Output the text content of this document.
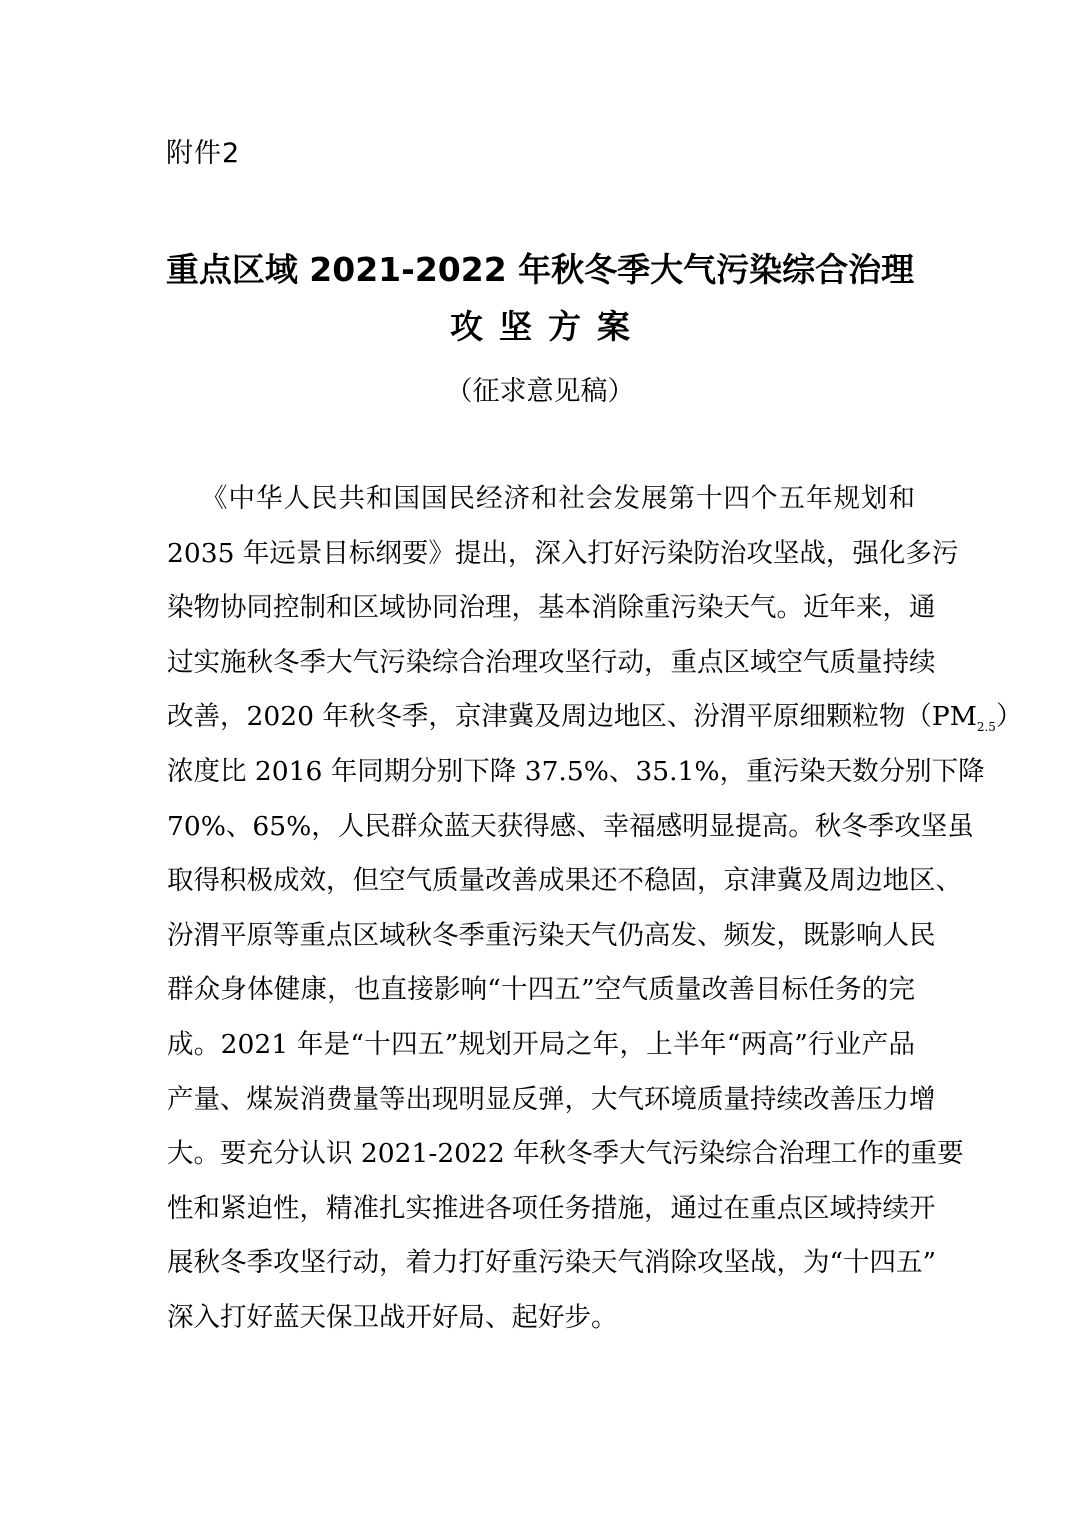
附件2
重点区域 2021-2022 年秋冬季大气污染综合治理
攻坚方案
（征求意见稿）
《中华人民共和国国民经济和社会发展第十四个五年规划和
2035 年远景目标纲要》提出，深入打好污染防治攻坚战，强化多污
染物协同控制和区域协同治理，基本消除重污染天气。近年来，通
过实施秋冬季大气污染综合治理攻坚行动，重点区域空气质量持续
改善，2020 年秋冬季，京津冀及周边地区、汾渭平原细颗粒物$(PM_{2.5})$
浓度比 2016 年同期分别下降 37.5%、35.1%，重污染天数分别下降
70%、65%，人民群众蓝天获得感、幸福感明显提高。秋冬季攻坚虽
取得积极成效，但空气质量改善成果还不稳固，京津冀及周边地区、
汾渭平原等重点区域秋冬季重污染天气仍高发、频发，既影响人民
群众身体健康，也直接影响“十四五”空气质量改善目标任务的完
成。2021 年是“十四五”规划开局之年，上半年“两高”行业产品
产量、煤炭消费量等出现明显反弹，大气环境质量持续改善压力增
大。要充分认识 2021-2022 年秋冬季大气污染综合治理工作的重要
性和紧迫性，精准扎实推进各项任务措施，通过在重点区域持续开
展秋冬季攻坚行动，着力打好重污染天气消除攻坚战，为“十四五”
深入打好蓝天保卫战开好局、起好步。
